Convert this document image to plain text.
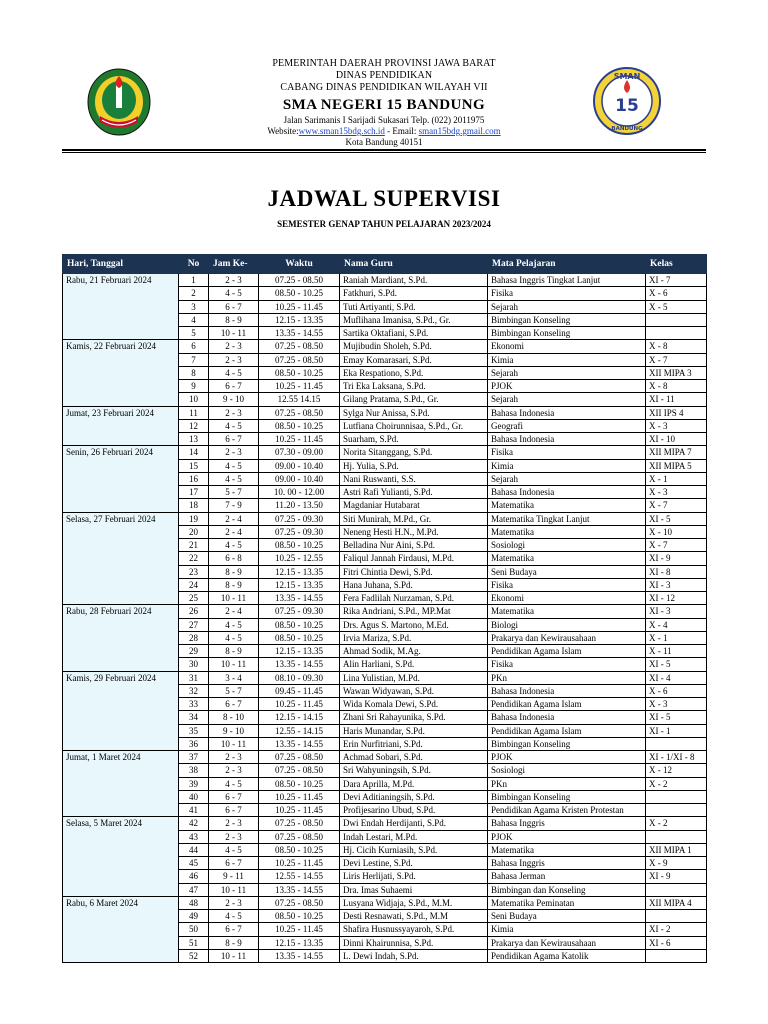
SMAN
15
BANDUNG
PEMERINTAH DAERAH PROVINSI JAWA BARAT
DINAS PENDIDIKAN
CABANG DINAS PENDIDIKAN WILAYAH VII
SMA NEGERI 15 BANDUNG
Jalan Sarimanis I Sarijadi Sukasari Telp. (022) 2011975
Website:www.sman15bdg.sch.id - Email: sman15bdg.gmail.com
Kota Bandung 40151
JADWAL SUPERVISI
SEMESTER GENAP TAHUN PELAJARAN 2023/2024
Hari, Tanggal	No	Jam Ke-	Waktu	Nama Guru	Mata Pelajaran	Kelas
Rabu, 21 Februari 2024	1	2 - 3	07.25 - 08.50	Raniah Mardiant, S.Pd.	Bahasa Inggris Tingkat Lanjut	XI - 7
	2	4 - 5	08.50 - 10.25	Fatkhuri, S.Pd.	Fisika	X - 6
	3	6 - 7	10.25 - 11.45	Tuti Artiyanti, S.Pd.	Sejarah	X - 5
	4	8 - 9	12.15 - 13.35	Muflihana Imanisa, S.Pd., Gr.	Bimbingan Konseling	
	5	10 - 11	13.35 - 14.55	Sartika Oktafiani, S.Pd.	Bimbingan Konseling	
Kamis, 22 Februari 2024	6	2 - 3	07.25 - 08.50	Mujibudin Sholeh, S.Pd.	Ekonomi	X - 8
	7	2 - 3	07.25 - 08.50	Emay Komarasari, S.Pd.	Kimia	X - 7
	8	4 - 5	08.50 - 10.25	Eka Respationo, S.Pd.	Sejarah	XII MIPA 3
	9	6 - 7	10.25 - 11.45	Tri Eka Laksana, S.Pd.	PJOK	X - 8
	10	9 - 10	12.55 14.15	Gilang Pratama, S.Pd., Gr.	Sejarah	XI - 11
Jumat, 23 Februari 2024	11	2 - 3	07.25 - 08.50	Sylga Nur Anissa, S.Pd.	Bahasa Indonesia	XII IPS 4
	12	4 - 5	08.50 - 10.25	Lutfiana Choirunnisaa, S.Pd., Gr.	Geografi	X - 3
	13	6 - 7	10.25 - 11.45	Suarham, S.Pd.	Bahasa Indonesia	XI - 10
Senin, 26 Februari 2024	14	2 - 3	07.30 - 09.00	Norita Sitanggang, S.Pd.	Fisika	XII MIPA 7
	15	4 - 5	09.00 - 10.40	Hj. Yulia, S.Pd.	Kimia	XII MIPA 5
	16	4 - 5	09.00 - 10.40	Nani Ruswanti, S.S.	Sejarah	X - 1
	17	5 - 7	10. 00 - 12.00	Astri Rafi Yulianti, S.Pd.	Bahasa Indonesia	X - 3
	18	7 - 9	11.20 - 13.50	Magdaniar Hutabarat	Matematika	X - 7
Selasa, 27 Februari 2024	19	2 - 4	07.25 - 09.30	Siti Munirah, M.Pd., Gr.	Matematika Tingkat Lanjut	XI - 5
	20	2 - 4	07.25 - 09.30	Neneng Hesti H.N., M.Pd.	Matematika	X - 10
	21	4 - 5	08.50 - 10.25	Belladina Nur Aini, S.Pd.	Sosiologi	X - 7
	22	6 - 8	10.25 - 12.55	Faliqul Jannah Firdausi, M.Pd.	Matematika	XI - 9
	23	8 - 9	12.15 - 13.35	Fitri Chintia Dewi, S.Pd.	Seni Budaya	XI - 8
	24	8 - 9	12.15 - 13.35	Hana Juhana, S.Pd.	Fisika	XI - 3
	25	10 - 11	13.35 - 14.55	Fera Fadlilah Nurzaman, S.Pd.	Ekonomi	XI - 12
Rabu, 28 Februari 2024	26	2 - 4	07.25 - 09.30	Rika Andriani, S.Pd., MP.Mat	Matematika	XI - 3
	27	4 - 5	08.50 - 10.25	Drs. Agus S. Martono, M.Ed.	Biologi	X - 4
	28	4 - 5	08.50 - 10.25	Irvia Mariza, S.Pd.	Prakarya dan Kewirausahaan	X - 1
	29	8 - 9	12.15 - 13.35	Ahmad Sodik, M.Ag.	Pendidikan Agama Islam	X - 11
	30	10 - 11	13.35 - 14.55	Alin Harliani, S.Pd.	Fisika	XI - 5
Kamis, 29 Februari 2024	31	3 - 4	08.10 - 09.30	Lina Yulistian, M.Pd.	PKn	XI - 4
	32	5 - 7	09.45 - 11.45	Wawan Widyawan, S.Pd.	Bahasa Indonesia	X - 6
	33	6 - 7	10.25 - 11.45	Wida Komala Dewi, S.Pd.	Pendidikan Agama Islam	X - 3
	34	8 - 10	12.15 - 14.15	Zhani Sri Rahayunika, S.Pd.	Bahasa Indonesia	XI - 5
	35	9 - 10	12.55 - 14.15	Haris Munandar, S.Pd.	Pendidikan Agama Islam	XI - 1
	36	10 - 11	13.35 - 14.55	Erin Nurfitriani, S.Pd.	Bimbingan Konseling	
Jumat, 1 Maret 2024	37	2 - 3	07.25 - 08.50	Achmad Sobari, S.Pd.	PJOK	XI - 1/XI - 8
	38	2 - 3	07.25 - 08.50	Sri Wahyuningsih, S.Pd.	Sosiologi	X - 12
	39	4 - 5	08.50 - 10.25	Dara Aprilla, M.Pd.	PKn	X - 2
	40	6 - 7	10.25 - 11.45	Devi Aditianingsih, S.Pd.	Bimbingan Konseling	
	41	6 - 7	10.25 - 11.45	Profijesarino Ubud, S.Pd.	Pendidikan Agama Kristen Protestan	
Selasa, 5 Maret 2024	42	2 - 3	07.25 - 08.50	Dwi Endah Herdijanti, S.Pd.	Bahasa Inggris	X - 2
	43	2 - 3	07.25 - 08.50	Indah Lestari, M.Pd.	PJOK	
	44	4 - 5	08.50 - 10.25	Hj. Cicih Kurniasih, S.Pd.	Matematika	XII MIPA 1
	45	6 - 7	10.25 - 11.45	Devi Lestine, S.Pd.	Bahasa Inggris	X - 9
	46	9 - 11	12.55 - 14.55	Liris Herlijati, S.Pd.	Bahasa Jerman	XI - 9
	47	10 - 11	13.35 - 14.55	Dra. Imas Suhaemi	Bimbingan dan Konseling	
Rabu, 6 Maret 2024	48	2 - 3	07.25 - 08.50	Lusyana Widjaja, S.Pd., M.M.	Matematika Peminatan	XII MIPA 4
	49	4 - 5	08.50 - 10.25	Desti Resnawati, S.Pd., M.M	Seni Budaya	
	50	6 - 7	10.25 - 11.45	Shafira Husnussyayaroh, S.Pd.	Kimia	XI - 2
	51	8 - 9	12.15 - 13.35	Dinni Khairunnisa, S.Pd.	Prakarya dan Kewirausahaan	XI - 6
	52	10 - 11	13.35 - 14.55	L. Dewi Indah, S.Pd.	Pendidikan Agama Katolik	
